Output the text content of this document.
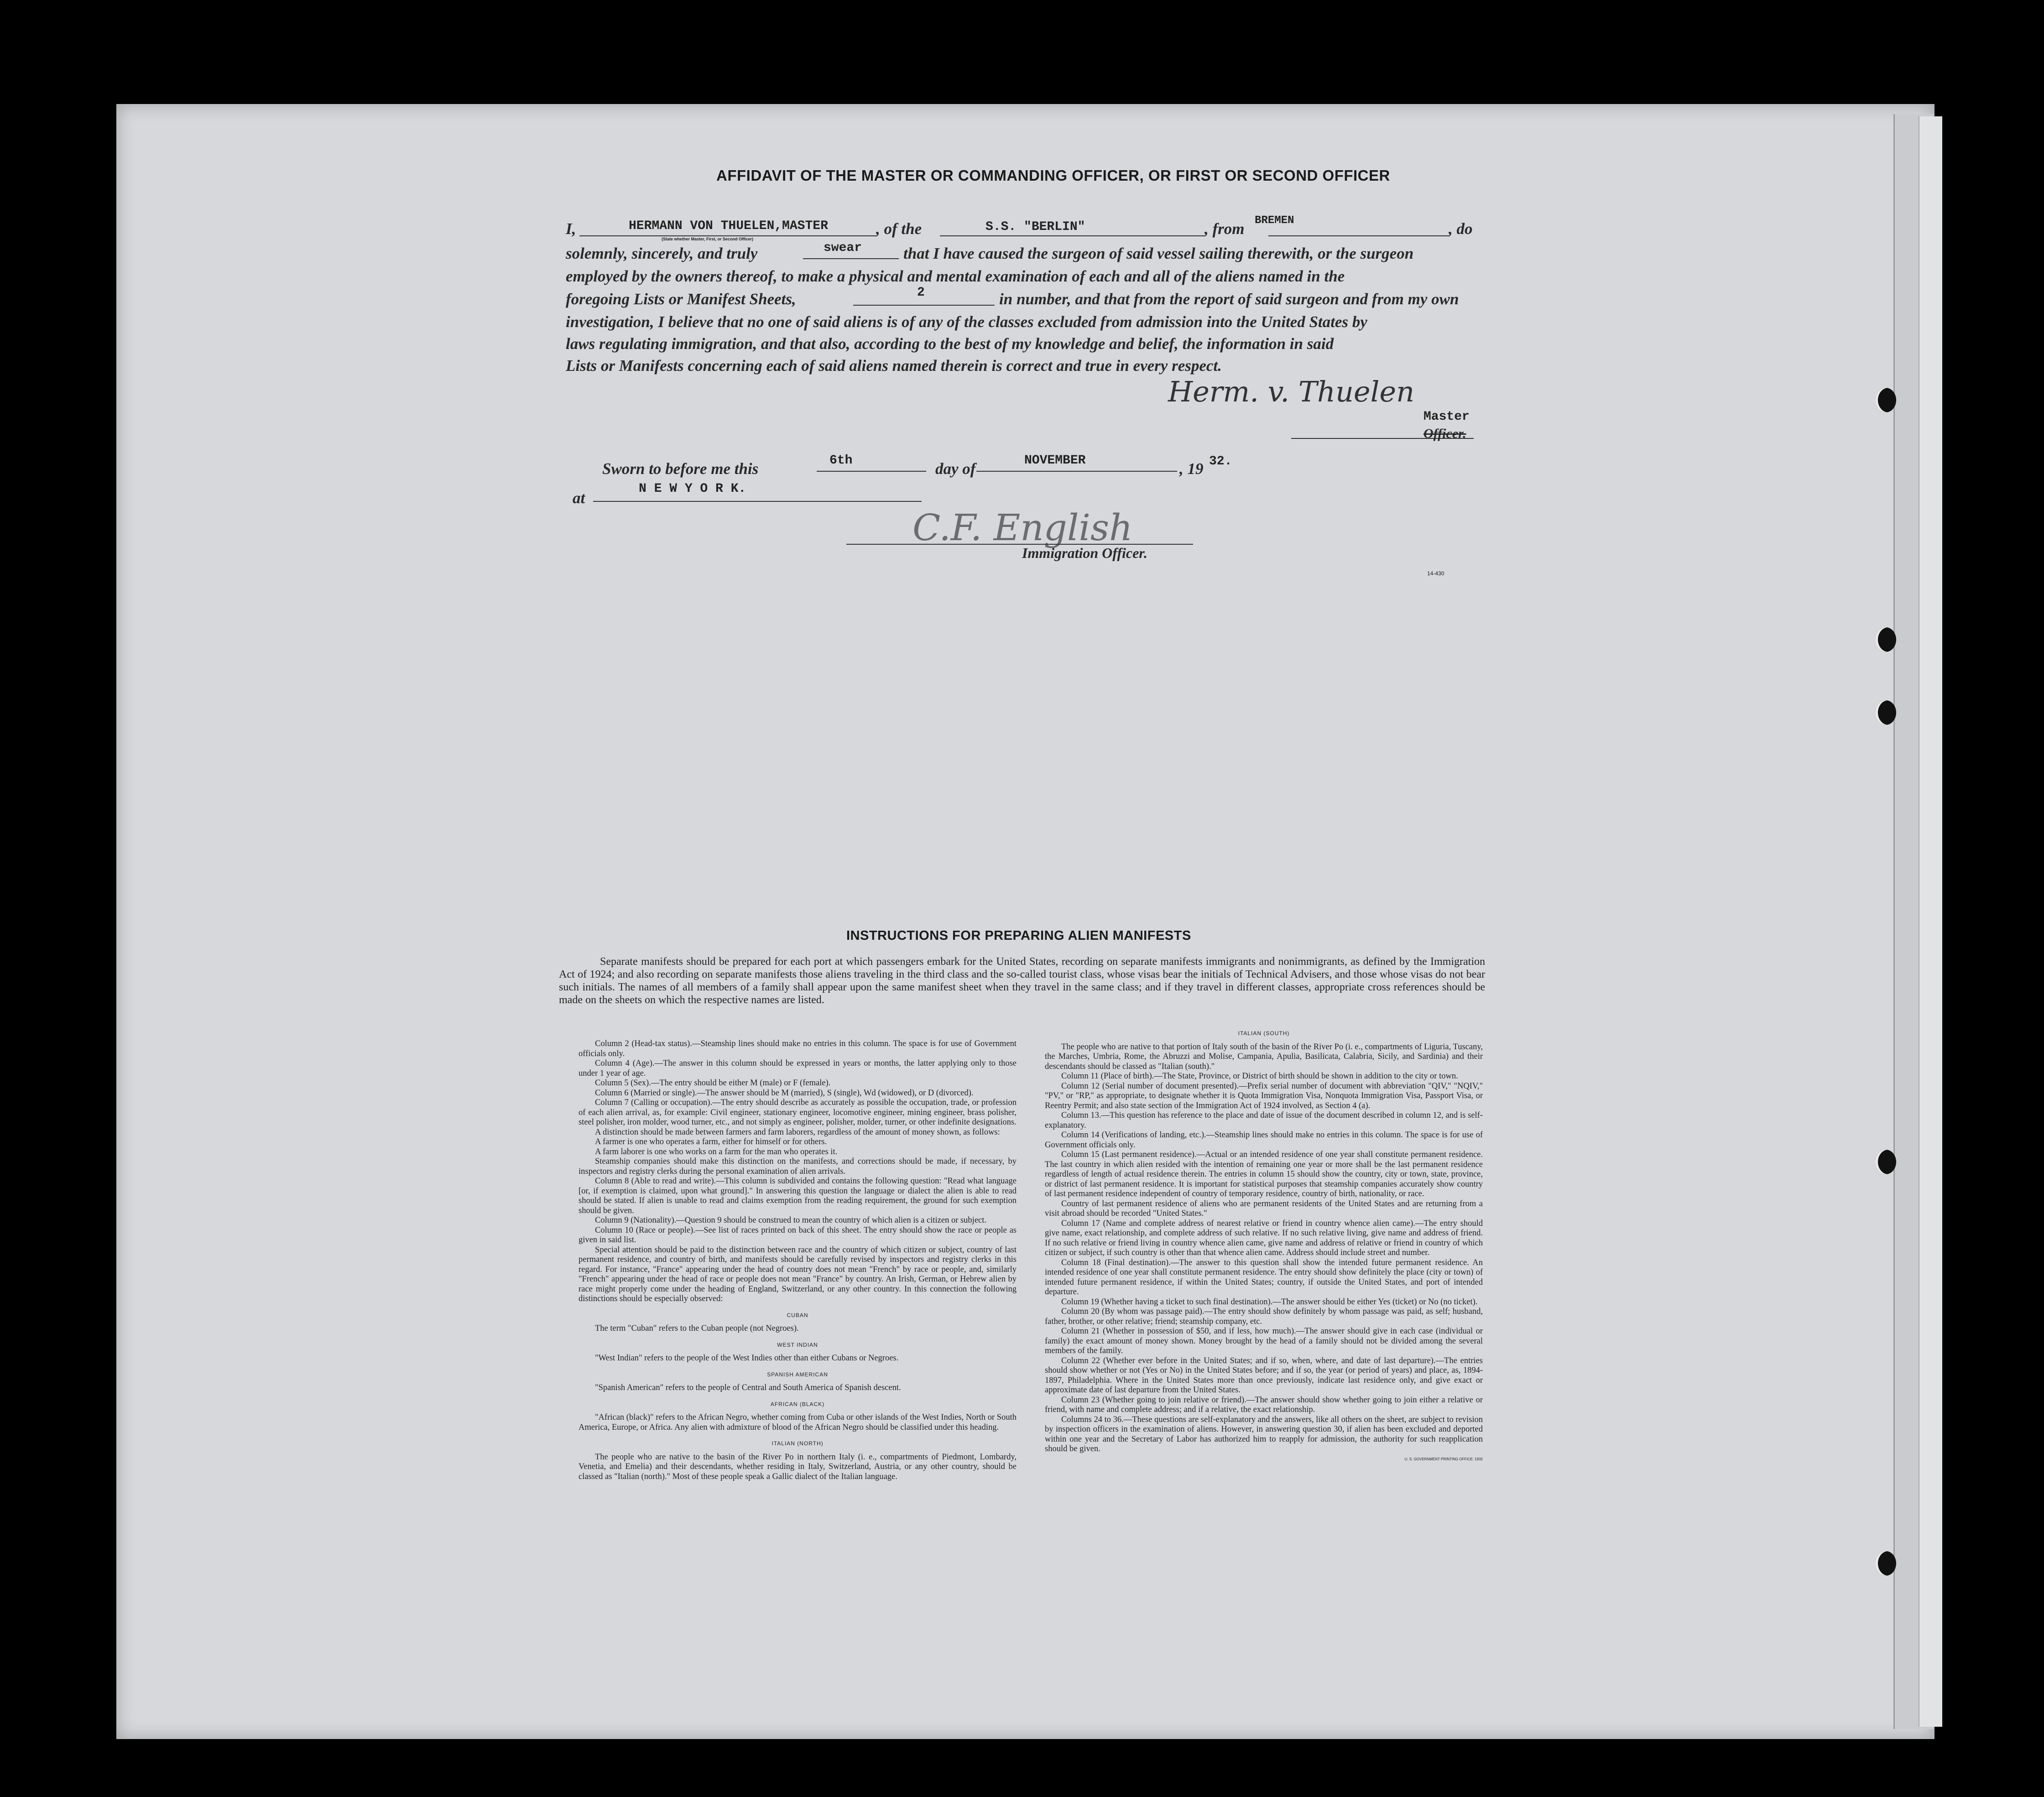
AFFIDAVIT OF THE MASTER OR COMMANDING OFFICER, OR FIRST OR SECOND OFFICER
I,	HERMANN VON THUELEN,MASTER
(State whether Master, First, or Second Officer)
, of the	S.S. "BERLIN"	, from BREMEN	, do
solemnly, sincerely, and truly	swear	that I have caused the surgeon of said vessel sailing therewith, or the surgeon
employed by the owners thereof, to make a physical and mental examination of each and all of the aliens named in the
foregoing Lists or Manifest Sheets,	2	in number, and that from the report of said surgeon and from my own
investigation, I believe that no one of said aliens is of any of the classes excluded from admission into the United States by
laws regulating immigration, and that also, according to the best of my knowledge and belief, the information in said
Lists or Manifests concerning each of said aliens named therein is correct and true in every respect.
Herm. v. Thuelen
Master
Officer.
Sworn to before me this	6th	day of	NOVEMBER	, 19 32.
at
N E W Y O R K.
C.F. English
Immigration Officer.
14-430
INSTRUCTIONS FOR PREPARING ALIEN MANIFESTS
Separate manifests should be prepared for each port at which passengers embark for the United States, recording on separate manifests immigrants and nonimmigrants, as defined by the Immigration Act of 1924; and also recording on separate manifests those aliens traveling in the third class and the so-called tourist class, whose visas bear the initials of Technical Advisers, and those whose visas do not bear such initials. The names of all members of a family shall appear upon the same manifest sheet when they travel in the same class; and if they travel in different classes, appropriate cross references should be made on the sheets on which the respective names are listed.

Column 2 (Head-tax status).—Steamship lines should make no entries in this column. The space is for use of Government officials only.

Column 4 (Age).—The answer in this column should be expressed in years or months, the latter applying only to those under 1 year of age.

Column 5 (Sex).—The entry should be either M (male) or F (female).

Column 6 (Married or single).—The answer should be M (married), S (single), Wd (widowed), or D (divorced).

Column 7 (Calling or occupation).—The entry should describe as accurately as possible the occupation, trade, or profession of each alien arrival, as, for example: Civil engineer, stationary engineer, locomotive engineer, mining engineer, brass polisher, steel polisher, iron molder, wood turner, etc., and not simply as engineer, polisher, molder, turner, or other indefinite designations.

A distinction should be made between farmers and farm laborers, regardless of the amount of money shown, as follows:

A farmer is one who operates a farm, either for himself or for others.

A farm laborer is one who works on a farm for the man who operates it.

Steamship companies should make this distinction on the manifests, and corrections should be made, if necessary, by inspectors and registry clerks during the personal examination of alien arrivals.

Column 8 (Able to read and write).—This column is subdivided and contains the following question: "Read what language [or, if exemption is claimed, upon what ground]." In answering this question the language or dialect the alien is able to read should be stated. If alien is unable to read and claims exemption from the reading requirement, the ground for such exemption should be given.

Column 9 (Nationality).—Question 9 should be construed to mean the country of which alien is a citizen or subject.

Column 10 (Race or people).—See list of races printed on back of this sheet. The entry should show the race or people as given in said list.

Special attention should be paid to the distinction between race and the country of which citizen or subject, country of last permanent residence, and country of birth, and manifests should be carefully revised by inspectors and registry clerks in this regard. For instance, "France" appearing under the head of country does not mean "French" by race or people, and, similarly "French" appearing under the head of race or people does not mean "France" by country. An Irish, German, or Hebrew alien by race might properly come under the heading of England, Switzerland, or any other country. In this connection the following distinctions should be especially observed:

CUBAN

The term "Cuban" refers to the Cuban people (not Negroes).

WEST INDIAN

"West Indian" refers to the people of the West Indies other than either Cubans or Negroes.

SPANISH AMERICAN

"Spanish American" refers to the people of Central and South America of Spanish descent.

AFRICAN (BLACK)

"African (black)" refers to the African Negro, whether coming from Cuba or other islands of the West Indies, North or South America, Europe, or Africa. Any alien with admixture of blood of the African Negro should be classified under this heading.

ITALIAN (NORTH)

The people who are native to the basin of the River Po in northern Italy (i. e., compartments of Piedmont, Lombardy, Venetia, and Emelia) and their descendants, whether residing in Italy, Switzerland, Austria, or any other country, should be classed as "Italian (north)." Most of these people speak a Gallic dialect of the Italian language.

ITALIAN (SOUTH)

The people who are native to that portion of Italy south of the basin of the River Po (i. e., compartments of Liguria, Tuscany, the Marches, Umbria, Rome, the Abruzzi and Molise, Campania, Apulia, Basilicata, Calabria, Sicily, and Sardinia) and their descendants should be classed as "Italian (south)."

Column 11 (Place of birth).—The State, Province, or District of birth should be shown in addition to the city or town.

Column 12 (Serial number of document presented).—Prefix serial number of document with abbreviation "QIV," "NQIV," "PV," or "RP," as appropriate, to designate whether it is Quota Immigration Visa, Nonquota Immigration Visa, Passport Visa, or Reentry Permit; and also state section of the Immigration Act of 1924 involved, as Section 4 (a).

Column 13.—This question has reference to the place and date of issue of the document described in column 12, and is self-explanatory.

Column 14 (Verifications of landing, etc.).—Steamship lines should make no entries in this column. The space is for use of Government officials only.

Column 15 (Last permanent residence).—Actual or an intended residence of one year shall constitute permanent residence. The last country in which alien resided with the intention of remaining one year or more shall be the last permanent residence regardless of length of actual residence therein. The entries in column 15 should show the country, city or town, state, province, or district of last permanent residence. It is important for statistical purposes that steamship companies accurately show country of last permanent residence independent of country of temporary residence, country of birth, nationality, or race.

Country of last permanent residence of aliens who are permanent residents of the United States and are returning from a visit abroad should be recorded "United States."

Column 17 (Name and complete address of nearest relative or friend in country whence alien came).—The entry should give name, exact relationship, and complete address of such relative. If no such relative living, give name and address of friend. If no such relative or friend living in country whence alien came, give name and address of relative or friend in country of which citizen or subject, if such country is other than that whence alien came. Address should include street and number.

Column 18 (Final destination).—The answer to this question shall show the intended future permanent residence. An intended residence of one year shall constitute permanent residence. The entry should show definitely the place (city or town) of intended future permanent residence, if within the United States; country, if outside the United States, and port of intended departure.

Column 19 (Whether having a ticket to such final destination).—The answer should be either Yes (ticket) or No (no ticket).

Column 20 (By whom was passage paid).—The entry should show definitely by whom passage was paid, as self; husband, father, brother, or other relative; friend; steamship company, etc.

Column 21 (Whether in possession of $50, and if less, how much).—The answer should give in each case (individual or family) the exact amount of money shown. Money brought by the head of a family should not be divided among the several members of the family.

Column 22 (Whether ever before in the United States; and if so, when, where, and date of last departure).—The entries should show whether or not (Yes or No) in the United States before; and if so, the year (or period of years) and place, as, 1894-1897, Philadelphia. Where in the United States more than once previously, indicate last residence only, and give exact or approximate date of last departure from the United States.

Column 23 (Whether going to join relative or friend).—The answer should show whether going to join either a relative or friend, with name and complete address; and if a relative, the exact relationship.

Columns 24 to 36.—These questions are self-explanatory and the answers, like all others on the sheet, are subject to revision by inspection officers in the examination of aliens. However, in answering question 30, if alien has been excluded and deported within one year and the Secretary of Labor has authorized him to reapply for admission, the authority for such reapplication should be given.

U. S. GOVERNMENT PRINTING OFFICE: 1932
